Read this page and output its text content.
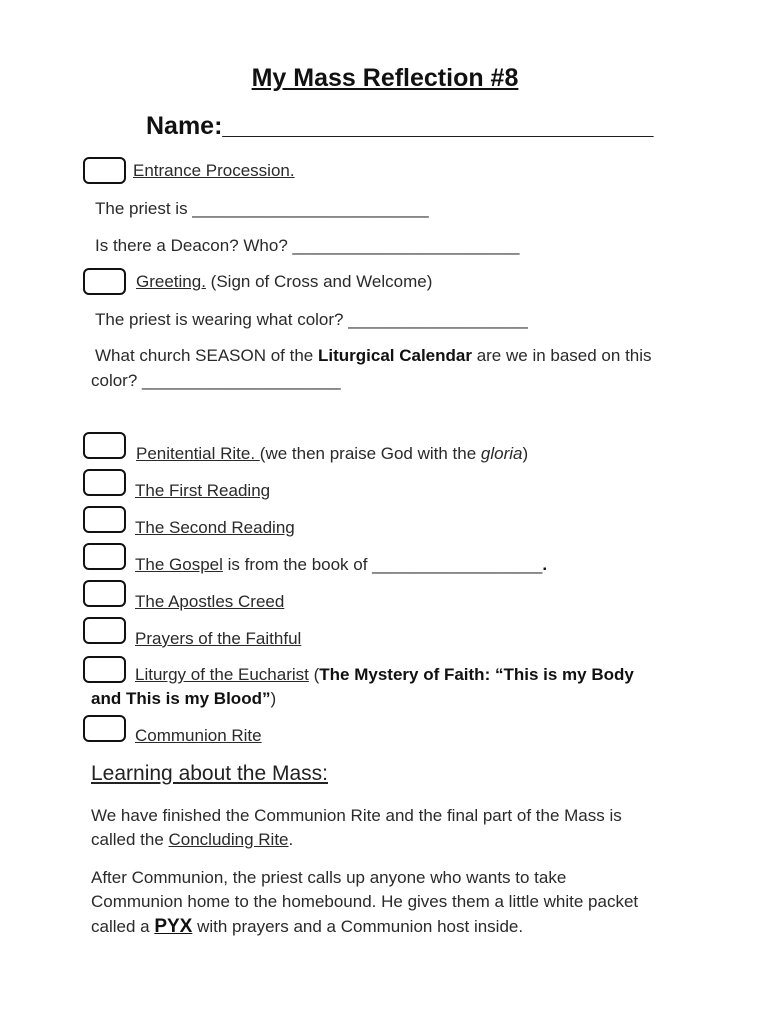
My Mass Reflection #8
Name:_______________________________
Entrance Procession.
The priest is _________________________
Is there a Deacon? Who? ________________________
Greeting. (Sign of Cross and Welcome)
The priest is wearing what color? ___________________
What church SEASON of the Liturgical Calendar are we in based on this
color? _____________________
Penitential Rite. (we then praise God with the gloria)
The First Reading
The Second Reading
The Gospel is from the book of __________________.
The Apostles Creed
Prayers of the Faithful
Liturgy of the Eucharist (The Mystery of Faith: “This is my Body
and This is my Blood”)
Communion Rite
Learning about the Mass:
We have finished the Communion Rite and the final part of the Mass is
called the Concluding Rite.
After Communion, the priest calls up anyone who wants to take
Communion home to the homebound. He gives them a little white packet
called a PYX with prayers and a Communion host inside.
